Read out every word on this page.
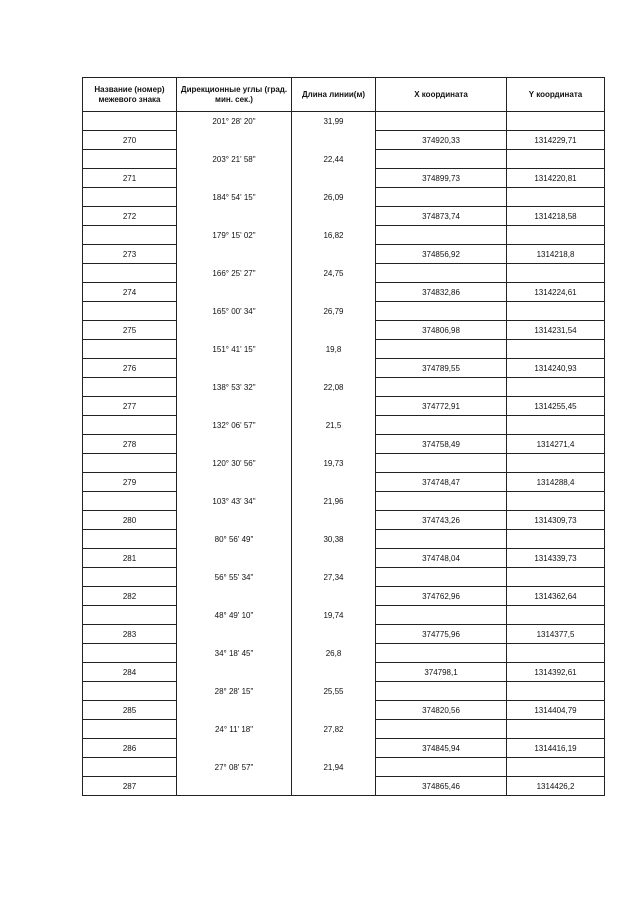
Название (номер) межевого знака	Дирекционные углы (град. мин. сек.)	Длина линии(м)	X координата	Y координата
	201° 28' 20"	31,99		
270			374920,33	1314229,71
	203° 21' 58"	22,44		
271			374899,73	1314220,81
	184° 54' 15"	26,09		
272			374873,74	1314218,58
	179° 15' 02"	16,82		
273			374856,92	1314218,8
	166° 25' 27"	24,75		
274			374832,86	1314224,61
	165° 00' 34"	26,79		
275			374806,98	1314231,54
	151° 41' 15"	19,8		
276			374789,55	1314240,93
	138° 53' 32"	22,08		
277			374772,91	1314255,45
	132° 06' 57"	21,5		
278			374758,49	1314271,4
	120° 30' 56"	19,73		
279			374748,47	1314288,4
	103° 43' 34"	21,96		
280			374743,26	1314309,73
	80° 56' 49"	30,38		
281			374748,04	1314339,73
	56° 55' 34"	27,34		
282			374762,96	1314362,64
	48° 49' 10"	19,74		
283			374775,96	1314377,5
	34° 18' 45"	26,8		
284			374798,1	1314392,61
	28° 28' 15"	25,55		
285			374820,56	1314404,79
	24° 11' 18"	27,82		
286			374845,94	1314416,19
	27° 08' 57"	21,94		
287			374865,46	1314426,2
